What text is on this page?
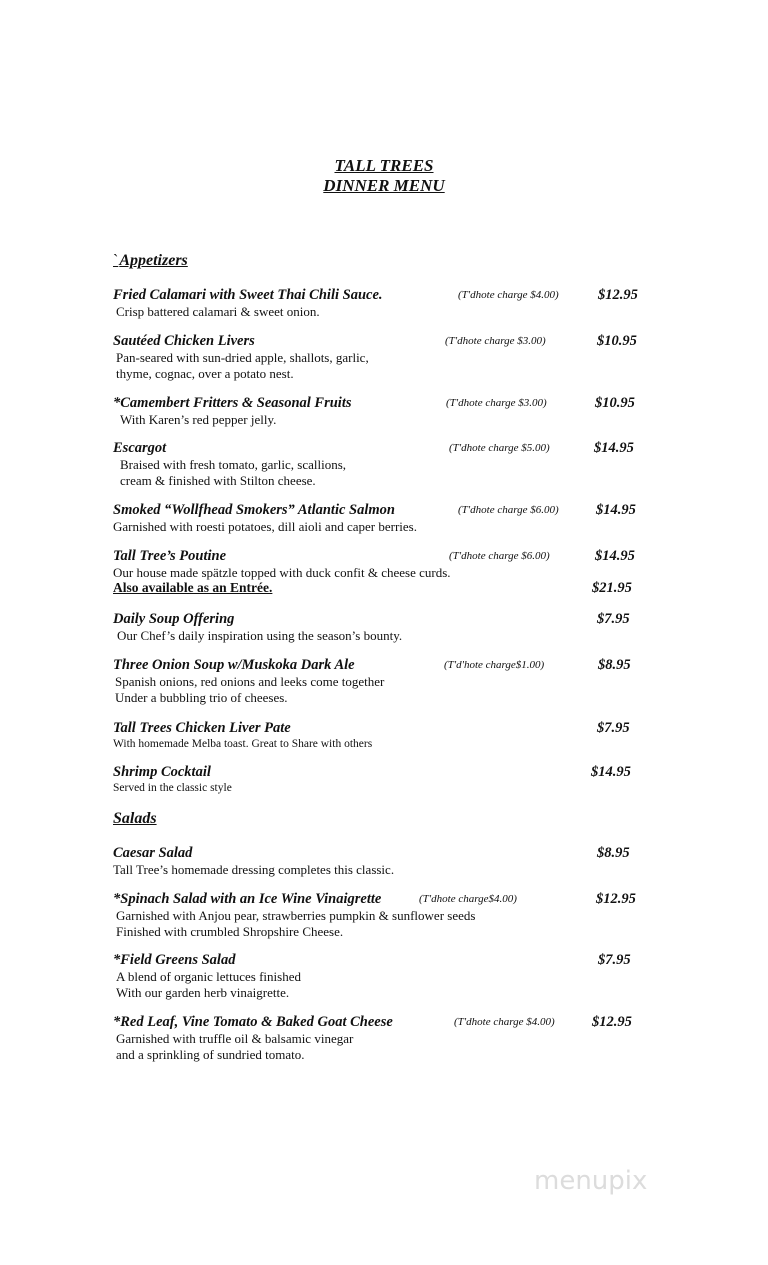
TALL TREES
DINNER MENU
`Appetizers
Fried Calamari with Sweet Thai Chili Sauce.	(T'dhote charge $4.00)	$12.95
Crisp battered calamari & sweet onion.
Sautéed Chicken Livers	(T'dhote charge $3.00)	$10.95
Pan-seared with sun-dried apple, shallots, garlic,
thyme, cognac, over a potato nest.
*Camembert Fritters & Seasonal Fruits	(T'dhote charge $3.00)	$10.95
With Karen’s red pepper jelly.
Escargot	(T'dhote charge $5.00)	$14.95
Braised with fresh tomato, garlic, scallions,
cream & finished with Stilton cheese.
Smoked “Wollfhead Smokers” Atlantic Salmon	(T'dhote charge $6.00)	$14.95
Garnished with roesti potatoes, dill aioli and caper berries.
Tall Tree’s Poutine	(T'dhote charge $6.00)	$14.95
Our house made spätzle topped with duck confit & cheese curds.
Also available as an Entrée.	$21.95
Daily Soup Offering	$7.95
Our Chef’s daily inspiration using the season’s bounty.
Three Onion Soup w/Muskoka Dark Ale	(T'd'hote charge$1.00)	$8.95
Spanish onions, red onions and leeks come together
Under a bubbling trio of cheeses.
Tall Trees Chicken Liver Pate	$7.95
With homemade Melba toast. Great to Share with others
Shrimp Cocktail	$14.95
Served in the classic style
Salads
Caesar Salad	$8.95
Tall Tree’s homemade dressing completes this classic.
*Spinach Salad with an Ice Wine Vinaigrette	(T'dhote charge$4.00)	$12.95
Garnished with Anjou pear, strawberries pumpkin & sunflower seeds
Finished with crumbled Shropshire Cheese.
*Field Greens Salad	$7.95
A blend of organic lettuces finished
With our garden herb vinaigrette.
*Red Leaf, Vine Tomato & Baked Goat Cheese	(T'dhote charge $4.00)	$12.95
Garnished with truffle oil & balsamic vinegar
and a sprinkling of sundried tomato.
menupix
